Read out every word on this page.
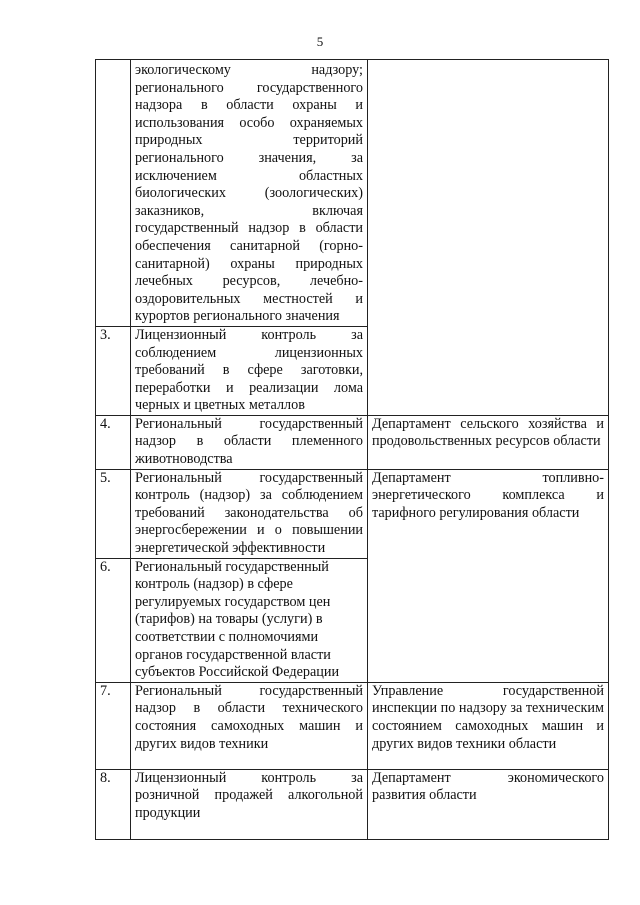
5

	экологическому надзору; регионального государственного надзора в области охраны и использования особо охраняемых природных территорий регионального значения, за исключением областных биологических (зоологических) заказников, включая государственный надзор в области обеспечения санитарной (горно-санитарной) охраны природных лечебных ресурсов, лечебно-оздоровительных местностей и курортов регионального значения	

3.	Лицензионный контроль за соблюдением лицензионных требований в сфере заготовки, переработки и реализации лома черных и цветных металлов	

4.	Региональный государственный надзор в области племенного животноводства	Департамент сельского хозяйства и продовольственных ресурсов области

5.	Региональный государственный контроль (надзор) за соблюдением требований законодательства об энергосбережении и о повышении энергетической эффективности	Департамент топливно-энергетического комплекса и тарифного регулирования области

6.	Региональный государственный контроль (надзор) в сфере регулируемых государством цен (тарифов) на товары (услуги) в соответствии с полномочиями органов государственной власти субъектов Российской Федерации	

7.	Региональный государственный надзор в области технического состояния самоходных машин и других видов техники	Управление государственной инспекции по надзору за техническим состоянием самоходных машин и других видов техники области

8.	Лицензионный контроль за розничной продажей алкогольной продукции	Департамент экономического развития области
